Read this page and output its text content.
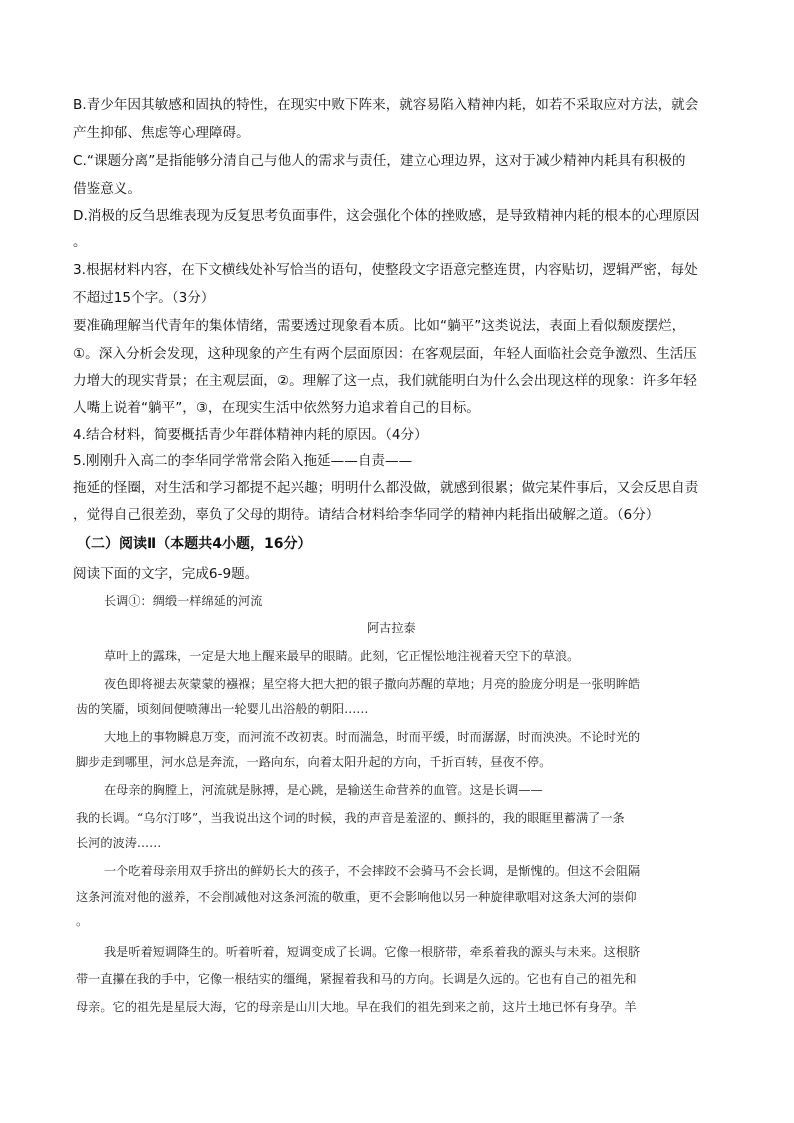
B.青少年因其敏感和固执的特性，在现实中败下阵来，就容易陷入精神内耗，如若不采取应对方法，就会
产生抑郁、焦虑等心理障碍。
C.“课题分离”是指能够分清自己与他人的需求与责任，建立心理边界，这对于减少精神内耗具有积极的
借鉴意义。
D.消极的反刍思维表现为反复思考负面事件，这会强化个体的挫败感，是导致精神内耗的根本的心理原因
。
3.根据材料内容，在下文横线处补写恰当的语句，使整段文字语意完整连贯，内容贴切，逻辑严密，每处
不超过15个字。（3分）
要准确理解当代青年的集体情绪，需要透过现象看本质。比如“躺平”这类说法，表面上看似颓废摆烂，
①。深入分析会发现，这种现象的产生有两个层面原因：在客观层面，年轻人面临社会竞争激烈、生活压
力增大的现实背景；在主观层面，②。理解了这一点，我们就能明白为什么会出现这样的现象：许多年轻
人嘴上说着“躺平”，③，在现实生活中依然努力追求着自己的目标。
4.结合材料，简要概括青少年群体精神内耗的原因。（4分）
5.刚刚升入高二的李华同学常常会陷入拖延——自责——
拖延的怪圈，对生活和学习都提不起兴趣；明明什么都没做，就感到很累；做完某件事后，又会反思自责
，觉得自己很差劲，辜负了父母的期待。请结合材料给李华同学的精神内耗指出破解之道。（6分）
（二）阅读Ⅱ（本题共4小题，16分）
阅读下面的文字，完成6-9题。
长调①：绸缎一样绵延的河流
阿古拉泰
草叶上的露珠，一定是大地上醒来最早的眼睛。此刻，它正惺忪地注视着天空下的草浪。
夜色即将褪去灰蒙蒙的襁褓；星空将大把大把的银子撒向苏醒的草地；月亮的脸庞分明是一张明眸皓
齿的笑靥，顷刻间便喷薄出一轮婴儿出浴般的朝阳……
大地上的事物瞬息万变，而河流不改初衷。时而湍急，时而平缓，时而潺潺，时而泱泱。不论时光的
脚步走到哪里，河水总是奔流，一路向东，向着太阳升起的方向，千折百转，昼夜不停。
在母亲的胸膛上，河流就是脉搏，是心跳，是输送生命营养的血管。这是长调——
我的长调。“乌尔汀哆”，当我说出这个词的时候，我的声音是羞涩的、颤抖的，我的眼眶里蓄满了一条
长河的波涛……
一个吃着母亲用双手挤出的鲜奶长大的孩子，不会摔跤不会骑马不会长调，是惭愧的。但这不会阻隔
这条河流对他的滋养，不会削减他对这条河流的敬重，更不会影响他以另一种旋律歌唱对这条大河的崇仰
。
我是听着短调降生的。听着听着，短调变成了长调。它像一根脐带，牵系着我的源头与未来。这根脐
带一直攥在我的手中，它像一根结实的缰绳，紧握着我和马的方向。长调是久远的。它也有自己的祖先和
母亲。它的祖先是星辰大海，它的母亲是山川大地。早在我们的祖先到来之前，这片土地已怀有身孕。羊
